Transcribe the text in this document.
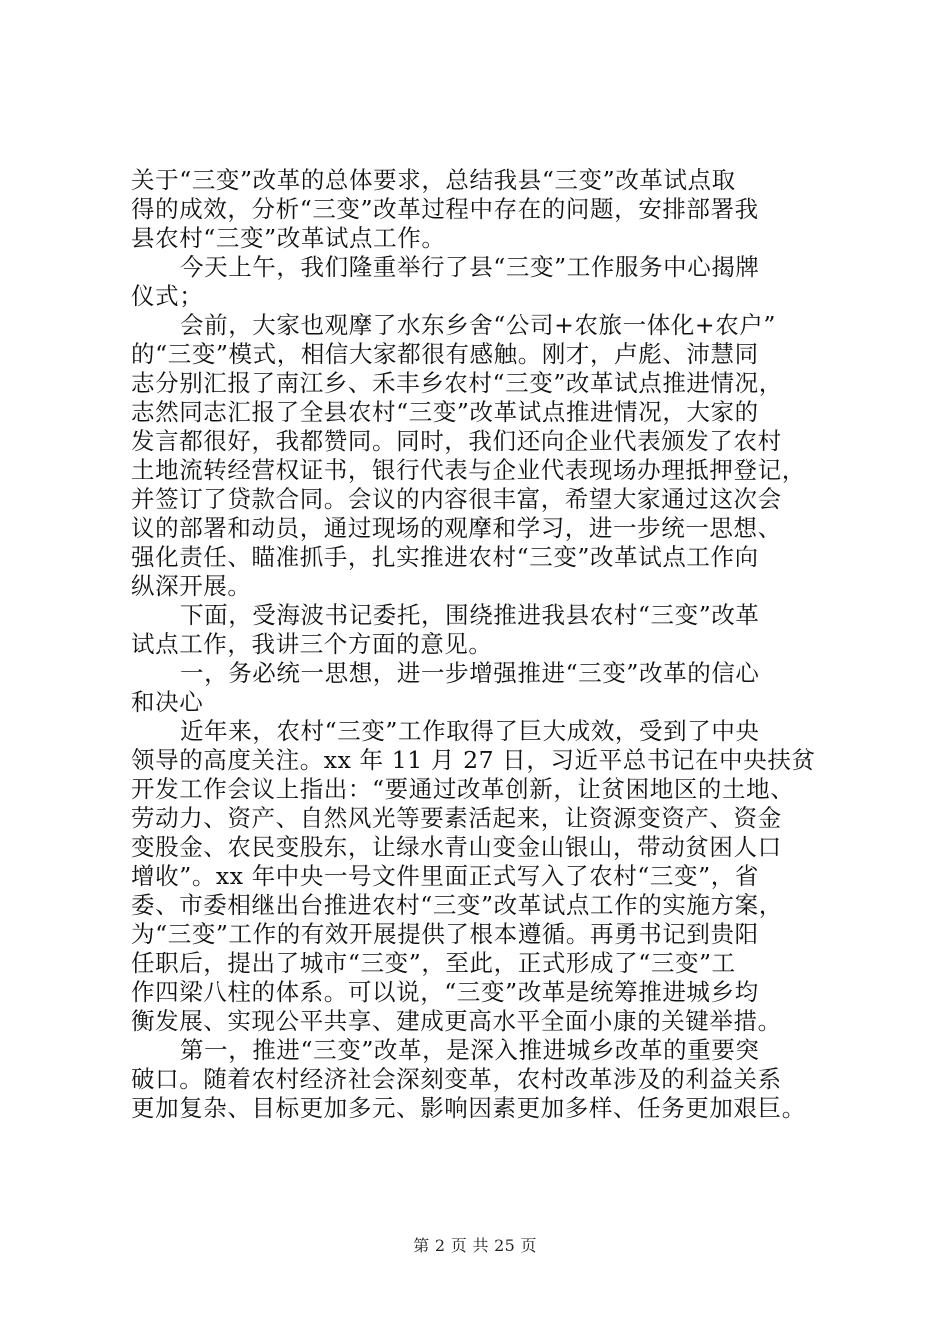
关于“三变”改革的总体要求，总结我县“三变”改革试点取
得的成效，分析“三变”改革过程中存在的问题，安排部署我
县农村“三变”改革试点工作。
今天上午，我们隆重举行了县“三变”工作服务中心揭牌
仪式；
会前，大家也观摩了水东乡舍“公司+农旅一体化+农户”
的“三变”模式，相信大家都很有感触。刚才，卢彪、沛慧同
志分别汇报了南江乡、禾丰乡农村“三变”改革试点推进情况，
志然同志汇报了全县农村“三变”改革试点推进情况，大家的
发言都很好，我都赞同。同时，我们还向企业代表颁发了农村
土地流转经营权证书，银行代表与企业代表现场办理抵押登记，
并签订了贷款合同。会议的内容很丰富，希望大家通过这次会
议的部署和动员，通过现场的观摩和学习，进一步统一思想、
强化责任、瞄准抓手，扎实推进农村“三变”改革试点工作向
纵深开展。
下面，受海波书记委托，围绕推进我县农村“三变”改革
试点工作，我讲三个方面的意见。
一，务必统一思想，进一步增强推进“三变”改革的信心
和决心
近年来，农村“三变”工作取得了巨大成效，受到了中央
领导的高度关注。xx 年 11 月 27 日，习近平总书记在中央扶贫
开发工作会议上指出：“要通过改革创新，让贫困地区的土地、
劳动力、资产、自然风光等要素活起来，让资源变资产、资金
变股金、农民变股东，让绿水青山变金山银山，带动贫困人口
增收”。xx 年中央一号文件里面正式写入了农村“三变”，省
委、市委相继出台推进农村“三变”改革试点工作的实施方案，
为“三变”工作的有效开展提供了根本遵循。再勇书记到贵阳
任职后，提出了城市“三变”，至此，正式形成了“三变”工
作四梁八柱的体系。可以说，“三变”改革是统筹推进城乡均
衡发展、实现公平共享、建成更高水平全面小康的关键举措。
第一，推进“三变”改革，是深入推进城乡改革的重要突
破口。随着农村经济社会深刻变革，农村改革涉及的利益关系
更加复杂、目标更加多元、影响因素更加多样、任务更加艰巨。
第 2 页 共 25 页
